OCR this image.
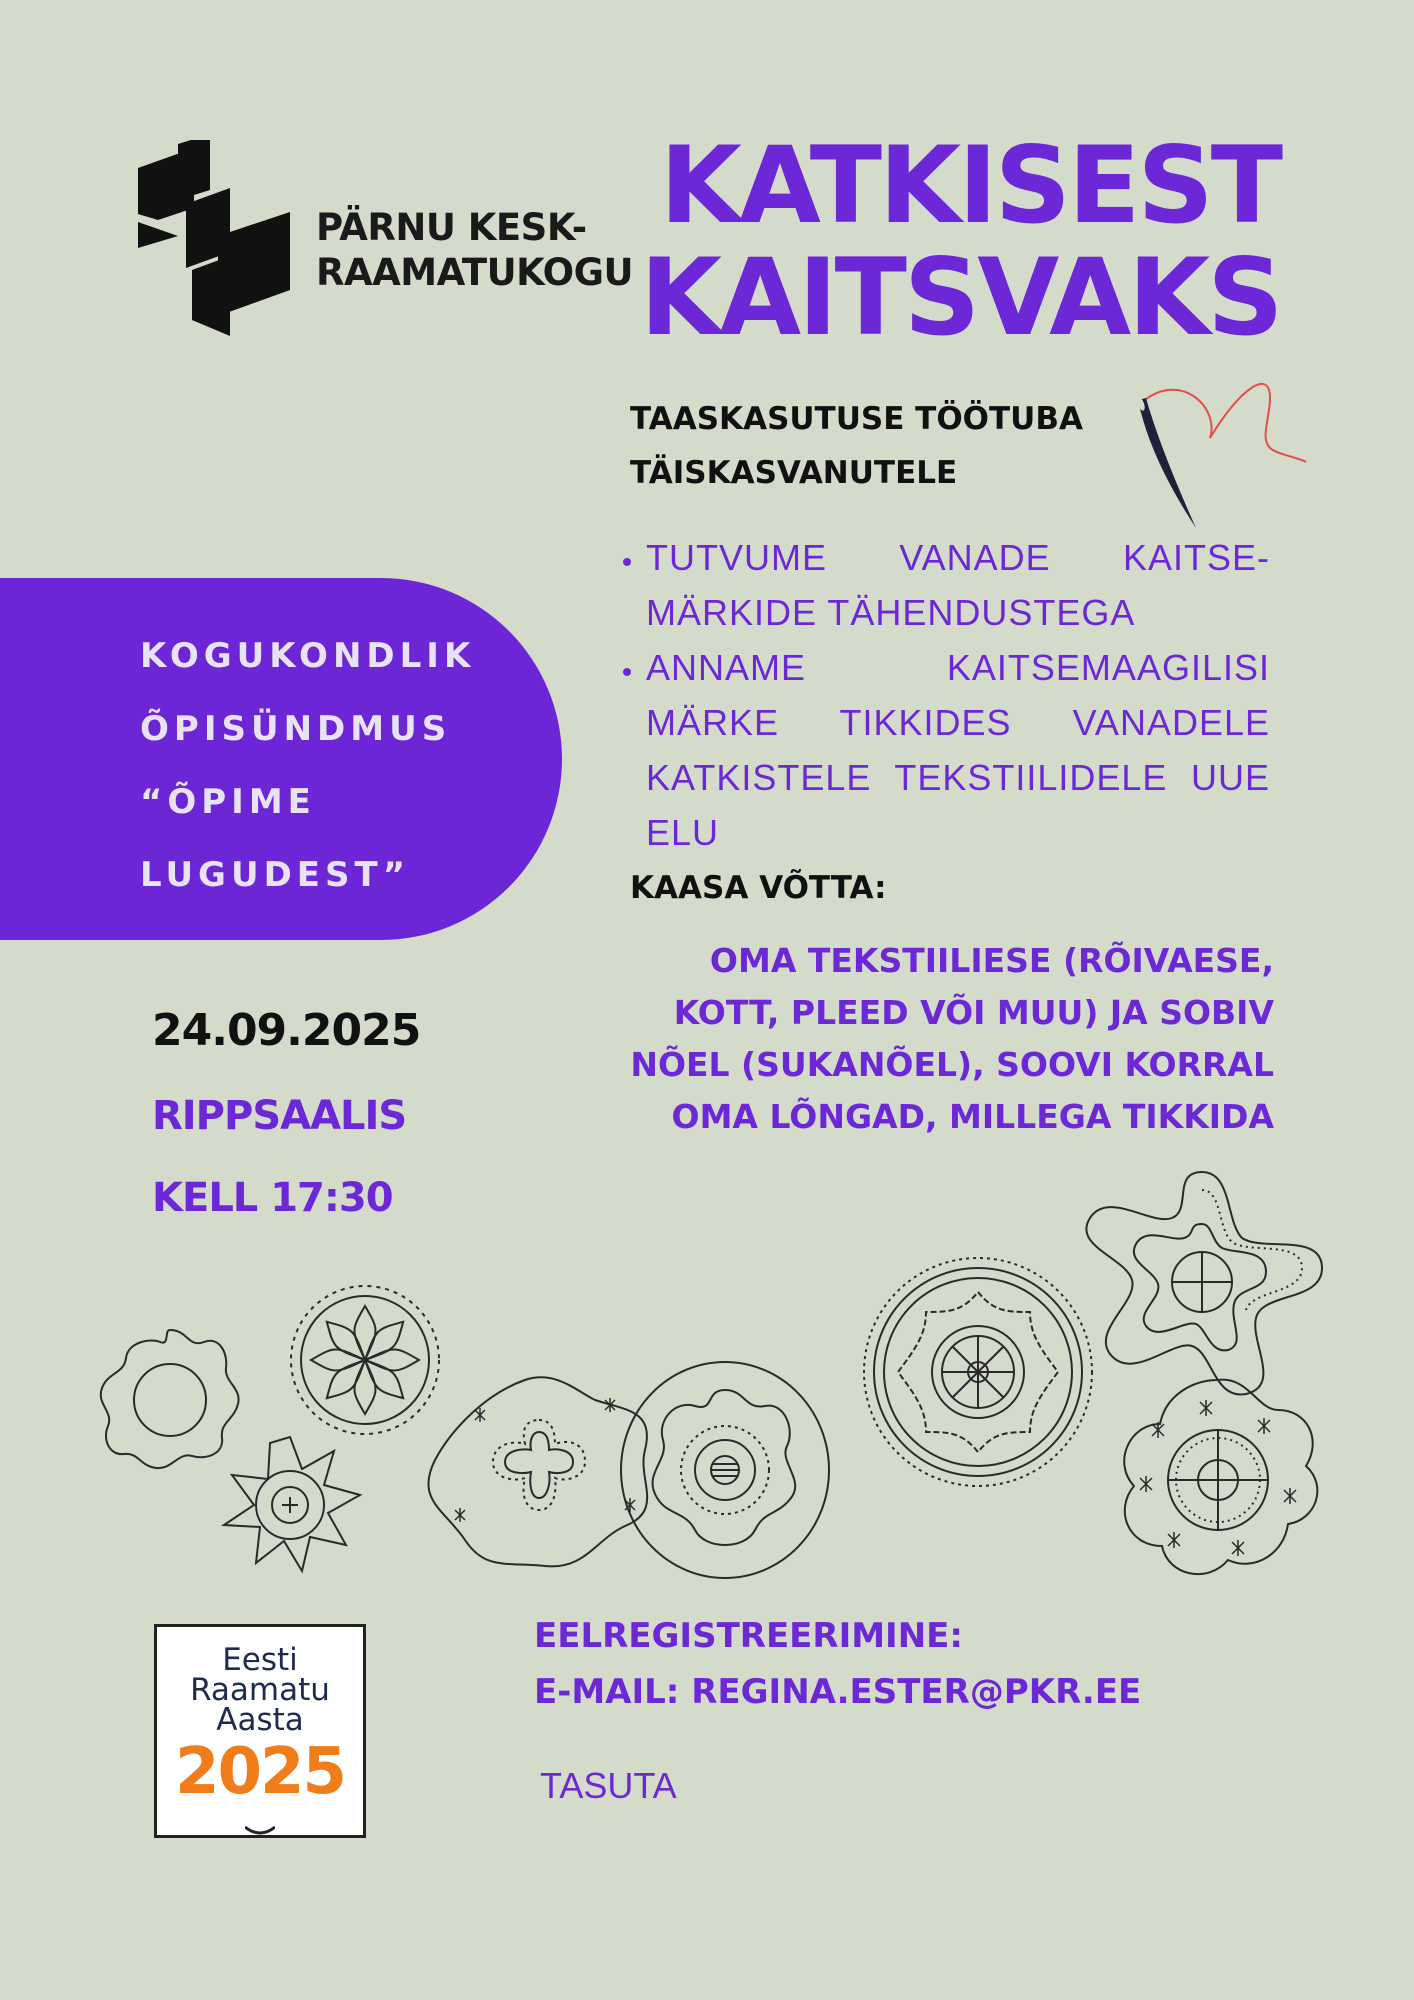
PÄRNU KESK-
RAAMATUKOGU
KATKISEST
KAITSVAKS
TAASKASUTUSE TÖÖTUBA
TÄISKASVANUTELE
• TUTVUME VANADE KAITSE-MÄRKIDE TÄHENDUSTEGA
• ANNAME KAITSEMAAGILISI MÄRKE TIKKIDES VANADELE KATKISTELE TEKSTIILIDELE UUE ELU
KAASA VÕTTA:
OMA TEKSTIILIESE (RÕIVAESE,
KOTT, PLEED VÕI MUU) JA SOBIV
NÕEL (SUKANÕEL), SOOVI KORRAL
OMA LÕNGAD, MILLEGA TIKKIDA
KOGUKONDLIK
ÕPISÜNDMUS
“ÕPIME
LUGUDEST”
24.09.2025
RIPPSAALIS
KELL 17:30
Eesti
Raamatu
Aasta
2025
EELREGISTREERIMINE:
E-MAIL: REGINA.ESTER@PKR.EE
TASUTA
